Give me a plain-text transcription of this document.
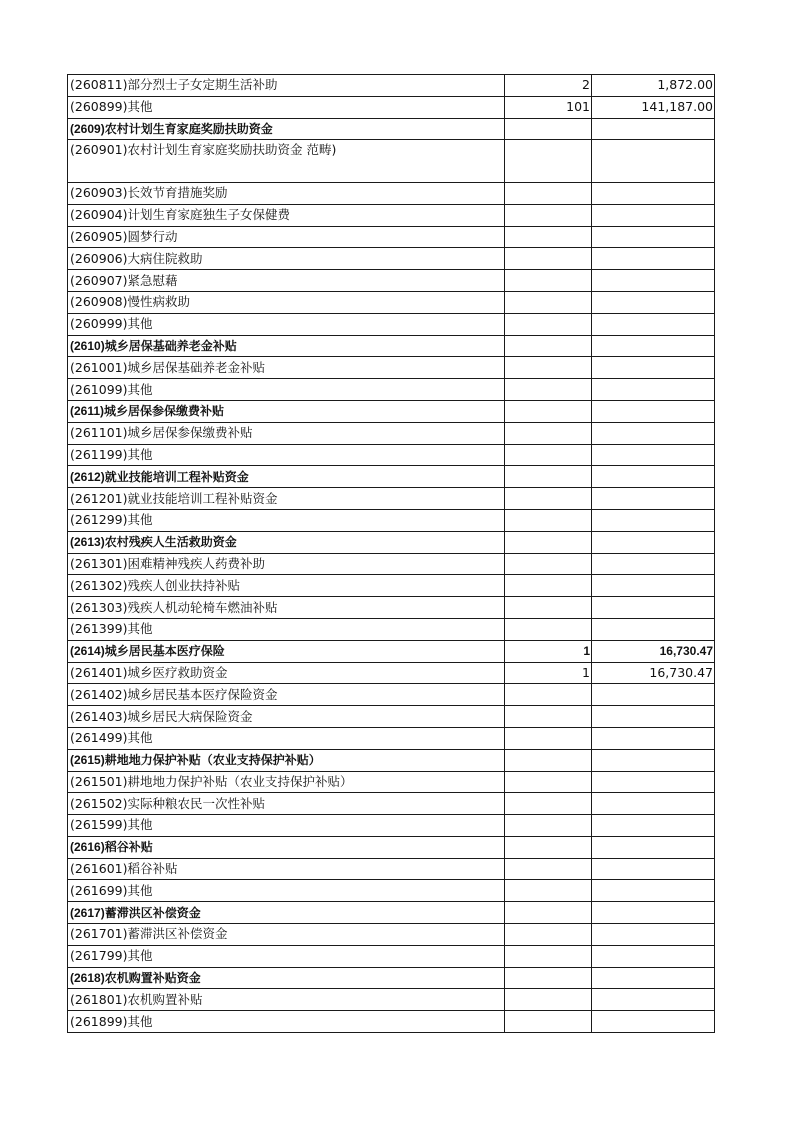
(260811)部分烈士子女定期生活补助	2	1,872.00
(260899)其他	101	141,187.00
(2609)农村计划生育家庭奖励扶助资金		
(260901)农村计划生育家庭奖励扶助资金 范畴)		
(260903)长效节育措施奖励		
(260904)计划生育家庭独生子女保健费		
(260905)圆梦行动		
(260906)大病住院救助		
(260907)紧急慰藉		
(260908)慢性病救助		
(260999)其他		
(2610)城乡居保基础养老金补贴		
(261001)城乡居保基础养老金补贴		
(261099)其他		
(2611)城乡居保参保缴费补贴		
(261101)城乡居保参保缴费补贴		
(261199)其他		
(2612)就业技能培训工程补贴资金		
(261201)就业技能培训工程补贴资金		
(261299)其他		
(2613)农村残疾人生活救助资金		
(261301)困难精神残疾人药费补助		
(261302)残疾人创业扶持补贴		
(261303)残疾人机动轮椅车燃油补贴		
(261399)其他		
(2614)城乡居民基本医疗保险	1	16,730.47
(261401)城乡医疗救助资金	1	16,730.47
(261402)城乡居民基本医疗保险资金		
(261403)城乡居民大病保险资金		
(261499)其他		
(2615)耕地地力保护补贴（农业支持保护补贴）		
(261501)耕地地力保护补贴（农业支持保护补贴）		
(261502)实际种粮农民一次性补贴		
(261599)其他		
(2616)稻谷补贴		
(261601)稻谷补贴		
(261699)其他		
(2617)蓄滞洪区补偿资金		
(261701)蓄滞洪区补偿资金		
(261799)其他		
(2618)农机购置补贴资金		
(261801)农机购置补贴		
(261899)其他		
